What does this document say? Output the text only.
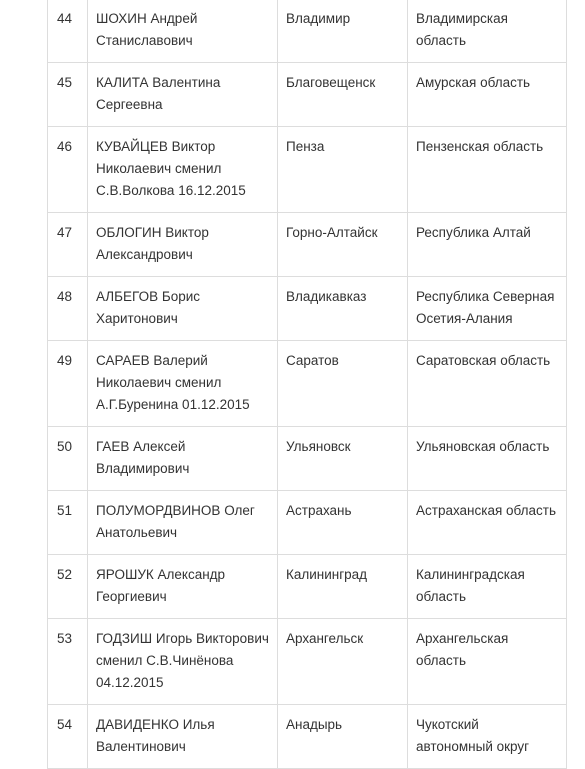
44	ШОХИН Андрей Станиславович	Владимир	Владимирская область

45	КАЛИТА Валентина Сергеевна	Благовещенск	Амурская область

46	КУВАЙЦЕВ Виктор Николаевич сменил С.В.Волкова 16.12.2015	Пенза	Пензенская область

47	ОБЛОГИН Виктор Александрович	Горно-Алтайск	Республика Алтай

48	АЛБЕГОВ Борис Харитонович	Владикавказ	Республика Северная Осетия-Алания

49	САРАЕВ Валерий Николаевич сменил А.Г.Буренина 01.12.2015	Саратов	Саратовская область

50	ГАЕВ Алексей Владимирович	Ульяновск	Ульяновская область

51	ПОЛУМОРДВИНОВ Олег Анатольевич	Астрахань	Астраханская область

52	ЯРОШУК Александр Георгиевич	Калининград	Калининградская область

53	ГОДЗИШ Игорь Викторович сменил С.В.Чинёнова 04.12.2015	Архангельск	Архангельская область

54	ДАВИДЕНКО Илья Валентинович	Анадырь	Чукотский автономный округ
